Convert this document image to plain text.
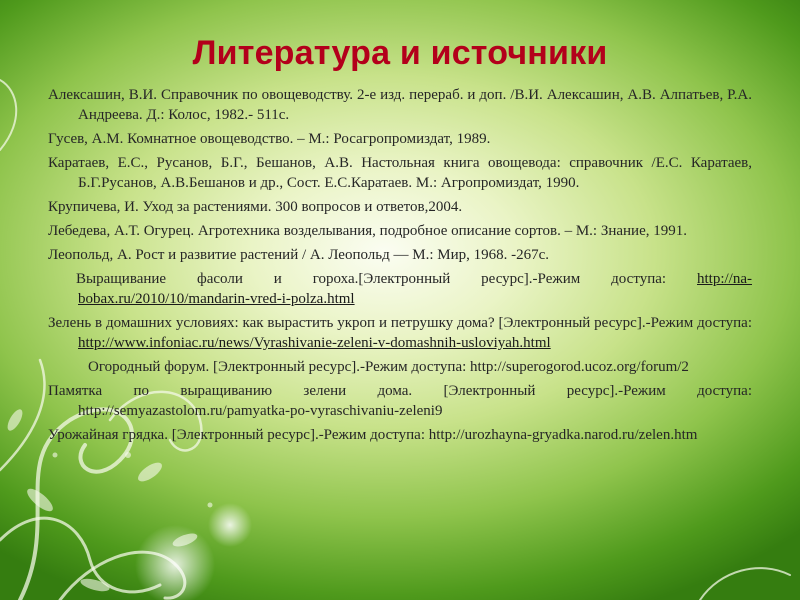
Литература и источники
Алексашин, В.И. Справочник по овощеводству. 2-е изд. перераб. и доп. /В.И. Алексашин, А.В. Алпатьев, Р.А. Андреева. Д.: Колос, 1982.- 511с.
Гусев, А.М. Комнатное овощеводство. – М.: Росагропромиздат, 1989.
Каратаев, Е.С., Русанов, Б.Г., Бешанов, А.В. Настольная книга овощевода: справочник /Е.С. Каратаев, Б.Г.Русанов, А.В.Бешанов и др., Сост. Е.С.Каратаев. М.: Агропромиздат, 1990.
Крупичева, И. Уход за растениями. 300 вопросов и ответов,2004.
Лебедева, А.Т. Огурец. Агротехника возделывания, подробное описание сортов. – М.: Знание, 1991.
Леопольд, А. Рост и развитие растений / А. Леопольд — М.: Мир, 1968. -267с.
Выращивание фасоли и гороха.[Электронный ресурс].-Режим доступа: http://na-bobax.ru/2010/10/mandarin-vred-i-polza.html
Зелень в домашних условиях: как вырастить укроп и петрушку дома? [Электронный ресурс].-Режим доступа: http://www.infoniac.ru/news/Vyrashivanie-zeleni-v-domashnih-usloviyah.html
Огородный форум. [Электронный ресурс].-Режим доступа: http://superogorod.ucoz.org/forum/2
Памятка по выращиванию зелени дома. [Электронный ресурс].-Режим доступа: http://semyazastolom.ru/pamyatka-po-vyraschivaniu-zeleni9
Урожайная грядка. [Электронный ресурс].-Режим доступа: http://urozhayna-gryadka.narod.ru/zelen.htm
